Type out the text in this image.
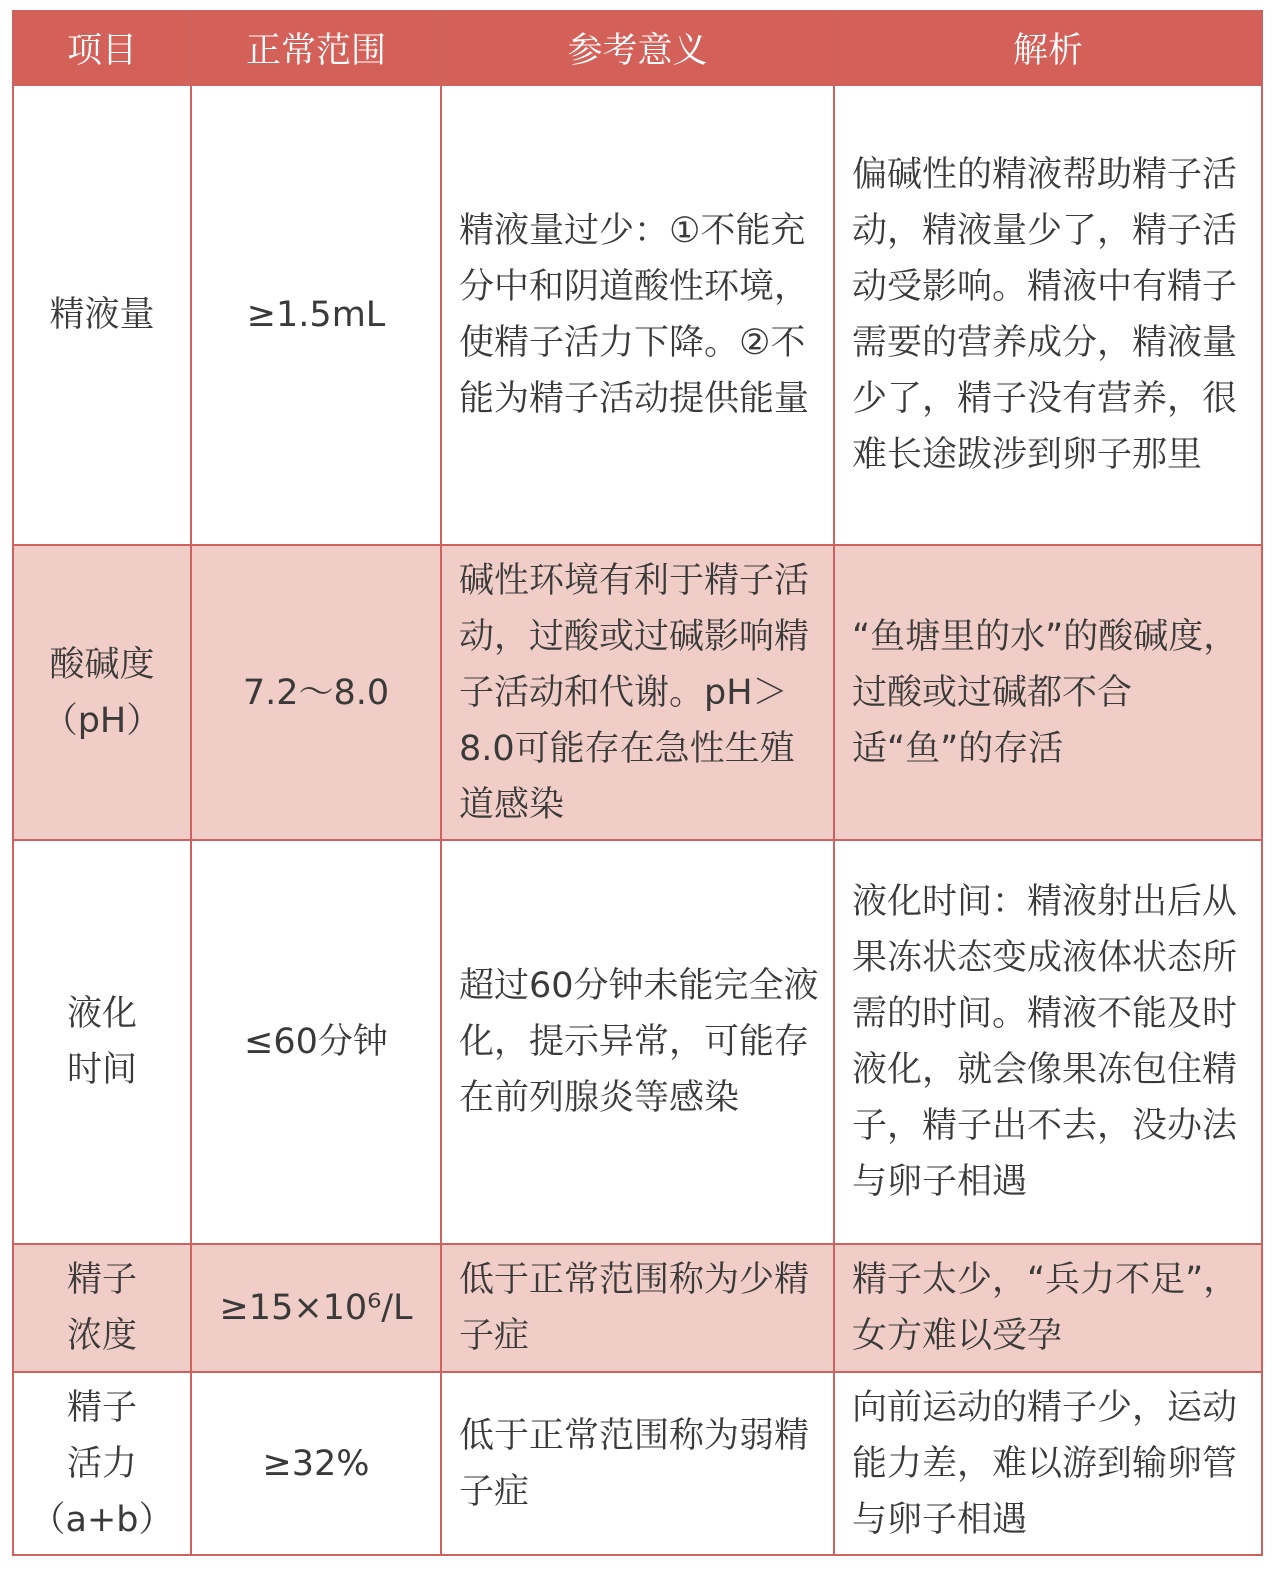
项目	正常范围	参考意义	解析

精液量	≥1.5mL	精液量过少：①不能充分中和阴道酸性环境，使精子活力下降。②不能为精子活动提供能量	偏碱性的精液帮助精子活动，精液量少了，精子活动受影响。精液中有精子需要的营养成分，精液量少了，精子没有营养，很难长途跋涉到卵子那里

酸碱度
（pH）	7.2～8.0	碱性环境有利于精子活动，过酸或过碱影响精子活动和代谢。pH＞8.0可能存在急性生殖道感染	“鱼塘里的水”的酸碱度，过酸或过碱都不合适“鱼”的存活

液化
时间	≤60分钟	超过60分钟未能完全液化，提示异常，可能存在前列腺炎等感染	液化时间：精液射出后从果冻状态变成液体状态所需的时间。精液不能及时液化，就会像果冻包住精子，精子出不去，没办法与卵子相遇

精子
浓度	≥15×10⁶/L	低于正常范围称为少精子症	精子太少，“兵力不足”，女方难以受孕

精子
活力
（a+b）	≥32%	低于正常范围称为弱精子症	向前运动的精子少，运动能力差，难以游到输卵管与卵子相遇
